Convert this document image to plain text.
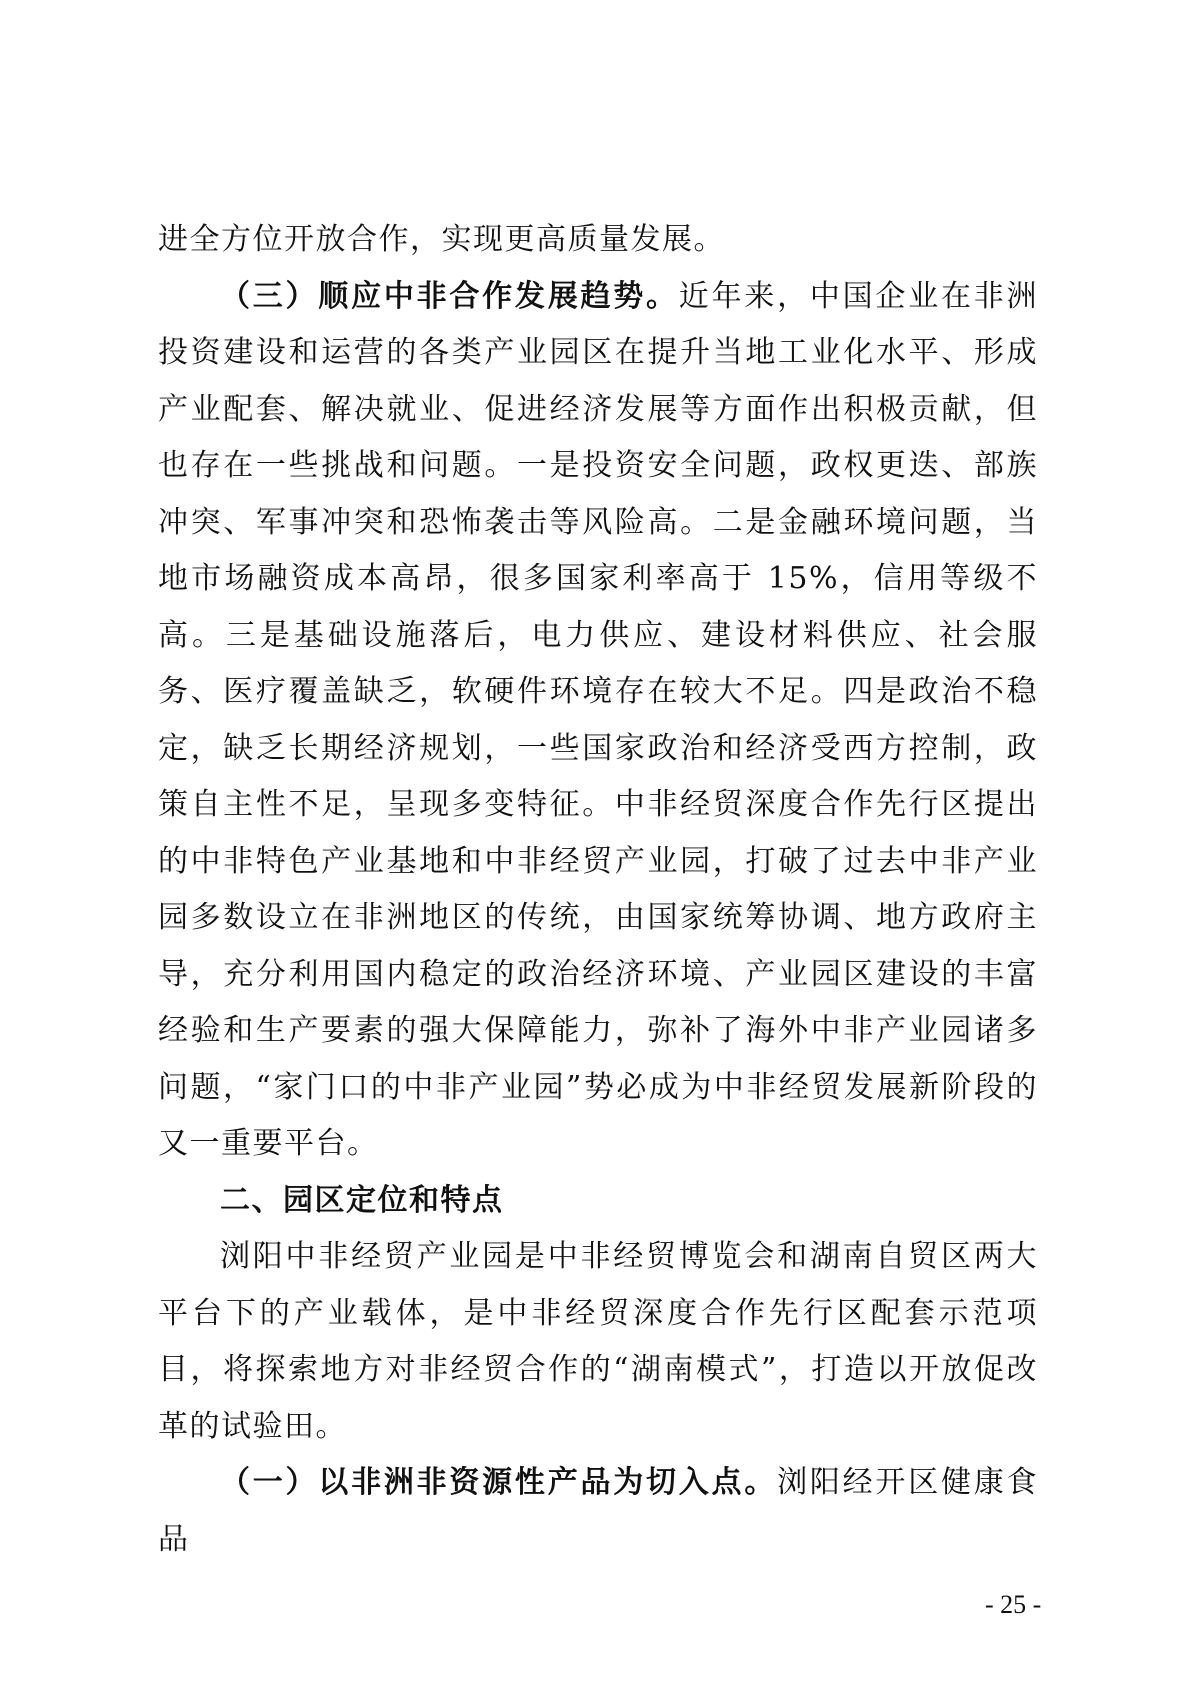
进全方位开放合作，实现更高质量发展。

（三）顺应中非合作发展趋势。近年来，中国企业在非洲投资建设和运营的各类产业园区在提升当地工业化水平、形成产业配套、解决就业、促进经济发展等方面作出积极贡献，但也存在一些挑战和问题。一是投资安全问题，政权更迭、部族冲突、军事冲突和恐怖袭击等风险高。二是金融环境问题，当地市场融资成本高昂，很多国家利率高于 15%，信用等级不高。三是基础设施落后，电力供应、建设材料供应、社会服务、医疗覆盖缺乏，软硬件环境存在较大不足。四是政治不稳定，缺乏长期经济规划，一些国家政治和经济受西方控制，政策自主性不足，呈现多变特征。中非经贸深度合作先行区提出的中非特色产业基地和中非经贸产业园，打破了过去中非产业园多数设立在非洲地区的传统，由国家统筹协调、地方政府主导，充分利用国内稳定的政治经济环境、产业园区建设的丰富经验和生产要素的强大保障能力，弥补了海外中非产业园诸多问题，“家门口的中非产业园”势必成为中非经贸发展新阶段的又一重要平台。

二、园区定位和特点

浏阳中非经贸产业园是中非经贸博览会和湖南自贸区两大平台下的产业载体，是中非经贸深度合作先行区配套示范项目，将探索地方对非经贸合作的“湖南模式”，打造以开放促改革的试验田。

（一）以非洲非资源性产品为切入点。浏阳经开区健康食品

- 25 -
